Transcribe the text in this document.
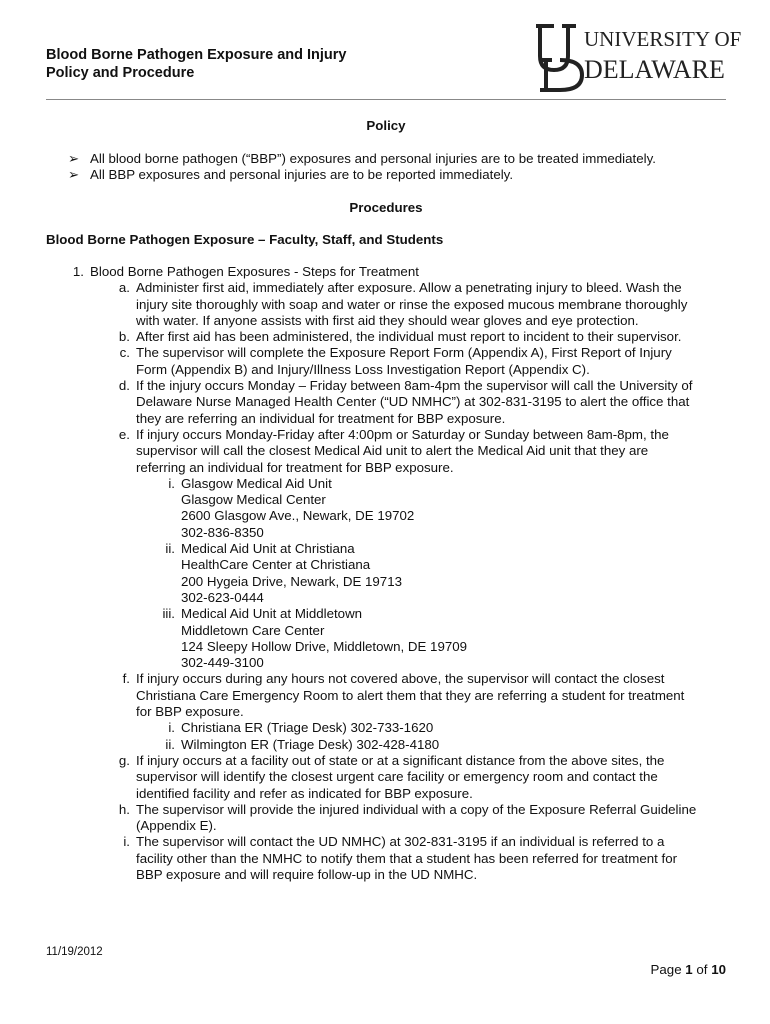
Blood Borne Pathogen Exposure and Injury
Policy and Procedure
UNIVERSITY OF
DELAWARE
Policy
➢ All blood borne pathogen (“BBP”) exposures and personal injuries are to be treated immediately.
➢ All BBP exposures and personal injuries are to be reported immediately.
Procedures
Blood Borne Pathogen Exposure – Faculty, Staff, and Students
1. Blood Borne Pathogen Exposures - Steps for Treatment
a. Administer first aid, immediately after exposure. Allow a penetrating injury to bleed. Wash the
injury site thoroughly with soap and water or rinse the exposed mucous membrane thoroughly
with water. If anyone assists with first aid they should wear gloves and eye protection.
b. After first aid has been administered, the individual must report to incident to their supervisor.
c. The supervisor will complete the Exposure Report Form (Appendix A), First Report of Injury
Form (Appendix B) and Injury/Illness Loss Investigation Report (Appendix C).
d. If the injury occurs Monday – Friday between 8am-4pm the supervisor will call the University of
Delaware Nurse Managed Health Center (“UD NMHC”) at 302-831-3195 to alert the office that
they are referring an individual for treatment for BBP exposure.
e. If injury occurs Monday-Friday after 4:00pm or Saturday or Sunday between 8am-8pm, the
supervisor will call the closest Medical Aid unit to alert the Medical Aid unit that they are
referring an individual for treatment for BBP exposure.
i. Glasgow Medical Aid Unit
Glasgow Medical Center
2600 Glasgow Ave., Newark, DE 19702
302-836-8350
ii. Medical Aid Unit at Christiana
HealthCare Center at Christiana
200 Hygeia Drive, Newark, DE 19713
302-623-0444
iii. Medical Aid Unit at Middletown
Middletown Care Center
124 Sleepy Hollow Drive, Middletown, DE 19709
302-449-3100
f. If injury occurs during any hours not covered above, the supervisor will contact the closest
Christiana Care Emergency Room to alert them that they are referring a student for treatment
for BBP exposure.
i. Christiana ER (Triage Desk) 302-733-1620
ii. Wilmington ER (Triage Desk) 302-428-4180
g. If injury occurs at a facility out of state or at a significant distance from the above sites, the
supervisor will identify the closest urgent care facility or emergency room and contact the
identified facility and refer as indicated for BBP exposure.
h. The supervisor will provide the injured individual with a copy of the Exposure Referral Guideline
(Appendix E).
i. The supervisor will contact the UD NMHC) at 302-831-3195 if an individual is referred to a
facility other than the NMHC to notify them that a student has been referred for treatment for
BBP exposure and will require follow-up in the UD NMHC.
11/19/2012
Page 1 of 10
